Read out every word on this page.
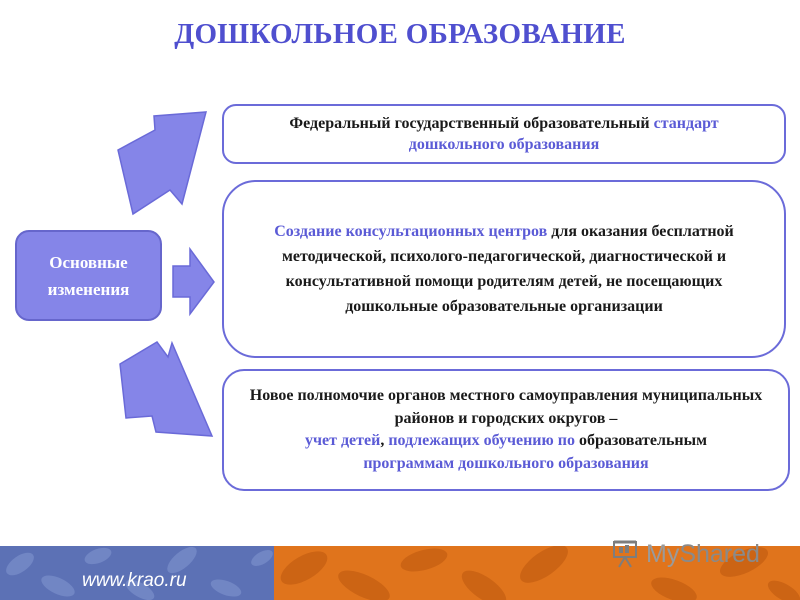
ДОШКОЛЬНОЕ ОБРАЗОВАНИЕ
Основные
изменения
Федеральный государственный образовательный стандарт
дошкольного образования
Создание консультационных центров для оказания бесплатной методической, психолого-педагогической, диагностической и консультативной помощи родителям детей, не посещающих дошкольные образовательные организации
Новое полномочие органов местного самоуправления муниципальных районов и городских округов –
учет детей, подлежащих обучению по образовательным
программам дошкольного образования
www.krao.ru
My Shared
